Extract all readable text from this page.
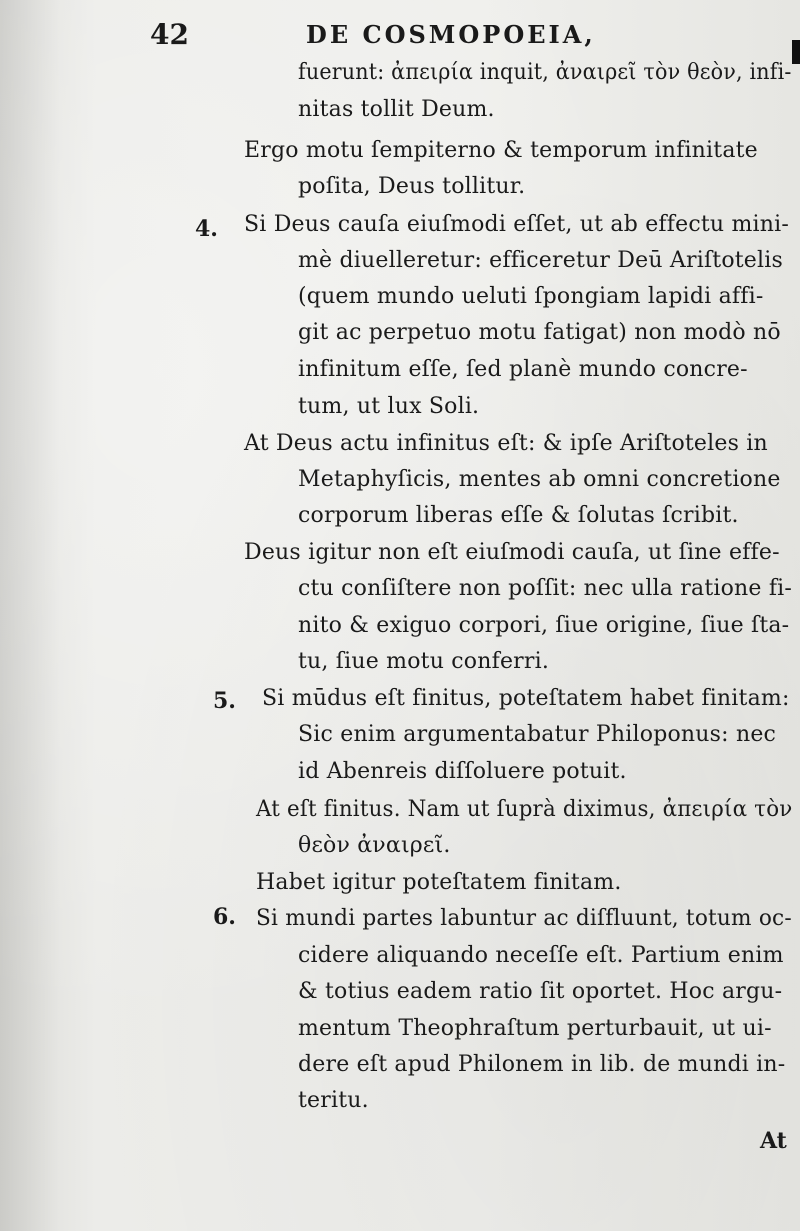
42	DE COSMOPOEIA,
4.
5.
6.
fuerunt: ἀπειρία inquit, ἀναιρεῖ τὸν θεὸν, infi-
nitas tollit Deum.
Ergo motu ſempiterno & temporum infinitate
poſita, Deus tollitur.
Si Deus cauſa eiuſmodi eſſet, ut ab effectu mini-
mè diuelleretur: efficeretur Deū Ariſtotelis
(quem mundo ueluti ſpongiam lapidi affi-
git ac perpetuo motu fatigat) non modò nō
infinitum eſſe, ſed planè mundo concre-
tum, ut lux Soli.
At Deus actu infinitus eſt: & ipſe Ariſtoteles in
Metaphyſicis, mentes ab omni concretione
corporum liberas eſſe & ſolutas ſcribit.
Deus igitur non eſt eiuſmodi cauſa, ut ſine effe-
ctu conſiſtere non poſſit: nec ulla ratione fi-
nito & exiguo corpori, ſiue origine, ſiue ſta-
tu, ſiue motu conferri.
Si mūdus eſt finitus, poteſtatem habet finitam:
Sic enim argumentabatur Philoponus: nec
id Abenreis diſſoluere potuit.
At eſt finitus. Nam ut ſuprà diximus, ἀπειρία τὸν
θεὸν ἀναιρεῖ.
Habet igitur poteſtatem finitam.
Si mundi partes labuntur ac diſfluunt, totum oc-
cidere aliquando neceſſe eſt. Partium enim
& totius eadem ratio ſit oportet. Hoc argu-
mentum Theophraſtum perturbauit, ut ui-
dere eſt apud Philonem in lib. de mundi in-
teritu.
At
